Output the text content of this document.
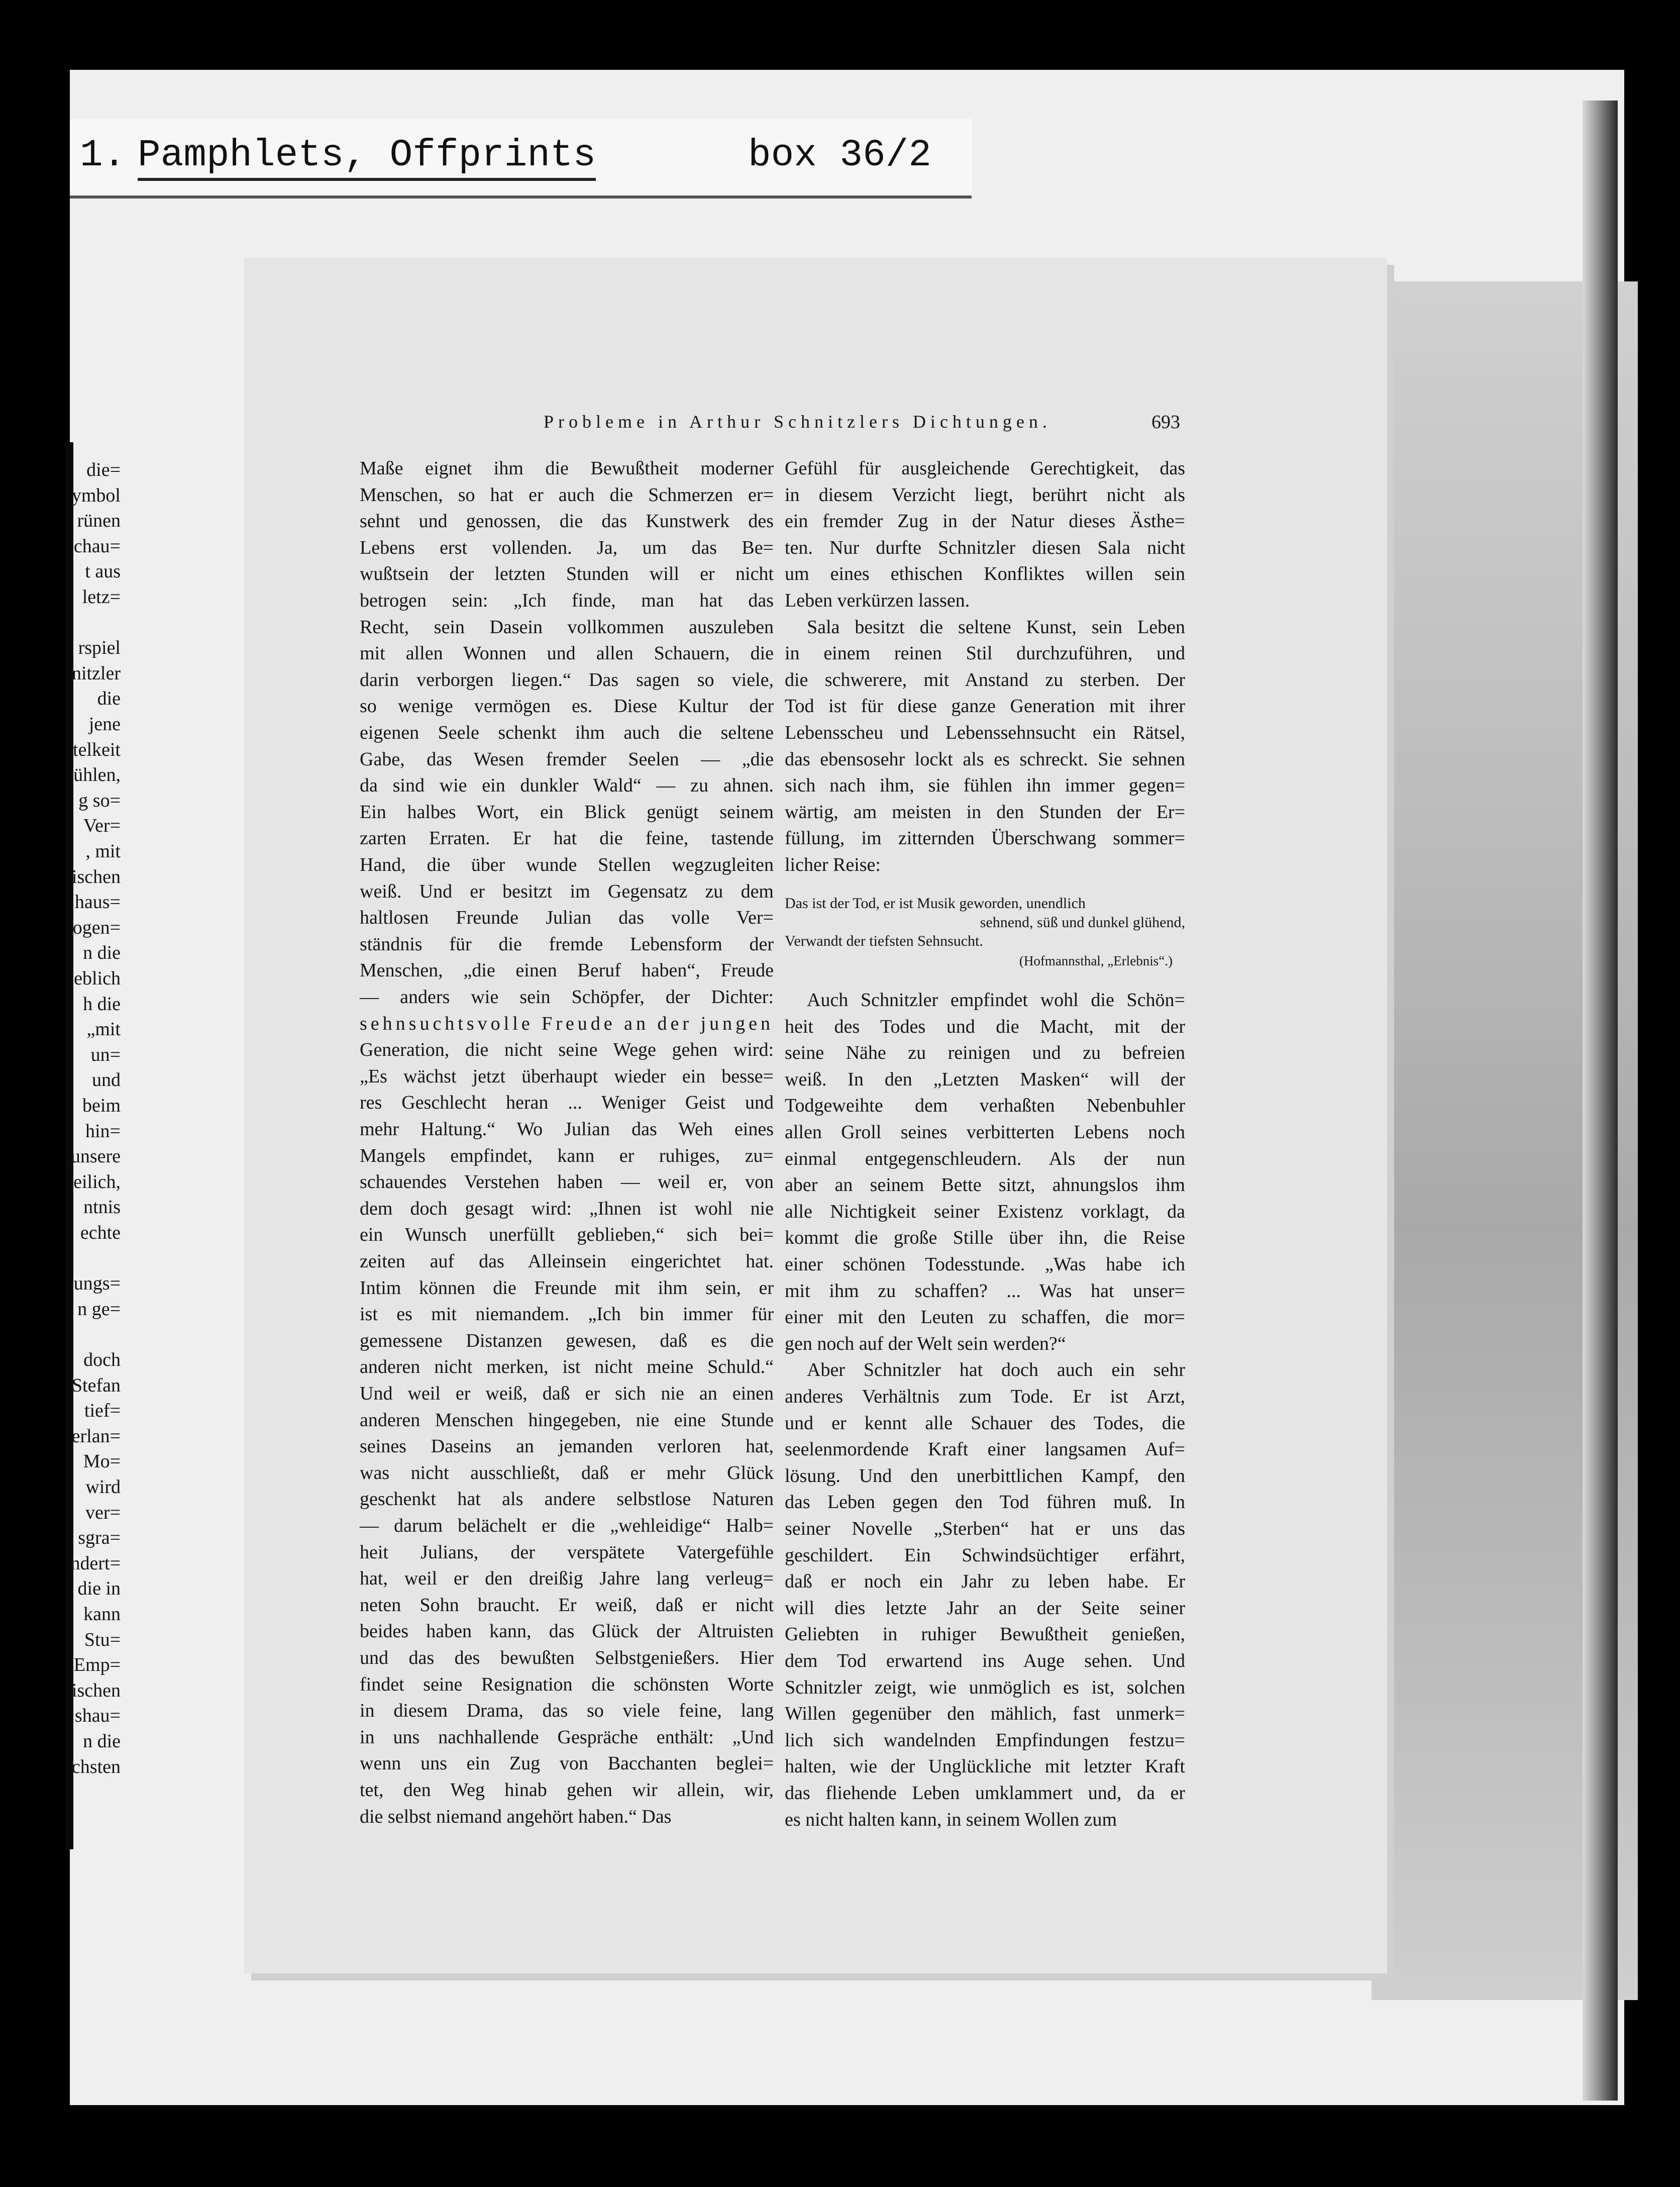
1. Pamphlets, Offprints	box 36/2
die=
ymbol
rünen
chau=
t aus
letz=
rspiel
nitzler
die
jene
telkeit
ühlen,
g so=
Ver=
, mit
ischen
haus=
ogen=
n die
eblich
h die
„mit
un=
und
beim
hin=
unsere
eilich,
ntnis
echte
ungs=
n ge=
doch
Stefan
tief=
erlan=
Mo=
wird
ver=
sgra=
ndert=
die in
kann
Stu=
Emp=
ischen
shau=
n die
chsten
Probleme in Arthur Schnitzlers Dichtungen.	693
Maße eignet ihm die Bewußtheit moderner
Menschen, so hat er auch die Schmerzen er=
sehnt und genossen, die das Kunstwerk des
Lebens erst vollenden. Ja, um das Be=
wußtsein der letzten Stunden will er nicht
betrogen sein: „Ich finde, man hat das
Recht, sein Dasein vollkommen auszuleben
mit allen Wonnen und allen Schauern, die
darin verborgen liegen.“ Das sagen so viele,
so wenige vermögen es. Diese Kultur der
eigenen Seele schenkt ihm auch die seltene
Gabe, das Wesen fremder Seelen — „die
da sind wie ein dunkler Wald“ — zu ahnen.
Ein halbes Wort, ein Blick genügt seinem
zarten Erraten. Er hat die feine, tastende
Hand, die über wunde Stellen wegzugleiten
weiß. Und er besitzt im Gegensatz zu dem
haltlosen Freunde Julian das volle Ver=
ständnis für die fremde Lebensform der
Menschen, „die einen Beruf haben“, Freude
— anders wie sein Schöpfer, der Dichter:
sehnsuchtsvolle Freude an der jungen
Generation, die nicht seine Wege gehen wird:
„Es wächst jetzt überhaupt wieder ein besse=
res Geschlecht heran ... Weniger Geist und
mehr Haltung.“ Wo Julian das Weh eines
Mangels empfindet, kann er ruhiges, zu=
schauendes Verstehen haben — weil er, von
dem doch gesagt wird: „Ihnen ist wohl nie
ein Wunsch unerfüllt geblieben,“ sich bei=
zeiten auf das Alleinsein eingerichtet hat.
Intim können die Freunde mit ihm sein, er
ist es mit niemandem. „Ich bin immer für
gemessene Distanzen gewesen, daß es die
anderen nicht merken, ist nicht meine Schuld.“
Und weil er weiß, daß er sich nie an einen
anderen Menschen hingegeben, nie eine Stunde
seines Daseins an jemanden verloren hat,
was nicht ausschließt, daß er mehr Glück
geschenkt hat als andere selbstlose Naturen
— darum belächelt er die „wehleidige“ Halb=
heit Julians, der verspätete Vatergefühle
hat, weil er den dreißig Jahre lang verleug=
neten Sohn braucht. Er weiß, daß er nicht
beides haben kann, das Glück der Altruisten
und das des bewußten Selbstgenießers. Hier
findet seine Resignation die schönsten Worte
in diesem Drama, das so viele feine, lang
in uns nachhallende Gespräche enthält: „Und
wenn uns ein Zug von Bacchanten beglei=
tet, den Weg hinab gehen wir allein, wir,
die selbst niemand angehört haben.“ Das
Gefühl für ausgleichende Gerechtigkeit, das
in diesem Verzicht liegt, berührt nicht als
ein fremder Zug in der Natur dieses Ästhe=
ten. Nur durfte Schnitzler diesen Sala nicht
um eines ethischen Konfliktes willen sein
Leben verkürzen lassen.
Sala besitzt die seltene Kunst, sein Leben
in einem reinen Stil durchzuführen, und
die schwerere, mit Anstand zu sterben. Der
Tod ist für diese ganze Generation mit ihrer
Lebensscheu und Lebenssehnsucht ein Rätsel,
das ebensosehr lockt als es schreckt. Sie sehnen
sich nach ihm, sie fühlen ihn immer gegen=
wärtig, am meisten in den Stunden der Er=
füllung, im zitternden Überschwang sommer=
licher Reise:
Das ist der Tod, er ist Musik geworden, unendlich
sehnend, süß und dunkel glühend,
Verwandt der tiefsten Sehnsucht.
(Hofmannsthal, „Erlebnis“.)
Auch Schnitzler empfindet wohl die Schön=
heit des Todes und die Macht, mit der
seine Nähe zu reinigen und zu befreien
weiß. In den „Letzten Masken“ will der
Todgeweihte dem verhaßten Nebenbuhler
allen Groll seines verbitterten Lebens noch
einmal entgegenschleudern. Als der nun
aber an seinem Bette sitzt, ahnungslos ihm
alle Nichtigkeit seiner Existenz vorklagt, da
kommt die große Stille über ihn, die Reise
einer schönen Todesstunde. „Was habe ich
mit ihm zu schaffen? ... Was hat unser=
einer mit den Leuten zu schaffen, die mor=
gen noch auf der Welt sein werden?“
Aber Schnitzler hat doch auch ein sehr
anderes Verhältnis zum Tode. Er ist Arzt,
und er kennt alle Schauer des Todes, die
seelenmordende Kraft einer langsamen Auf=
lösung. Und den unerbittlichen Kampf, den
das Leben gegen den Tod führen muß. In
seiner Novelle „Sterben“ hat er uns das
geschildert. Ein Schwindsüchtiger erfährt,
daß er noch ein Jahr zu leben habe. Er
will dies letzte Jahr an der Seite seiner
Geliebten in ruhiger Bewußtheit genießen,
dem Tod erwartend ins Auge sehen. Und
Schnitzler zeigt, wie unmöglich es ist, solchen
Willen gegenüber den mählich, fast unmerk=
lich sich wandelnden Empfindungen festzu=
halten, wie der Unglückliche mit letzter Kraft
das fliehende Leben umklammert und, da er
es nicht halten kann, in seinem Wollen zum
